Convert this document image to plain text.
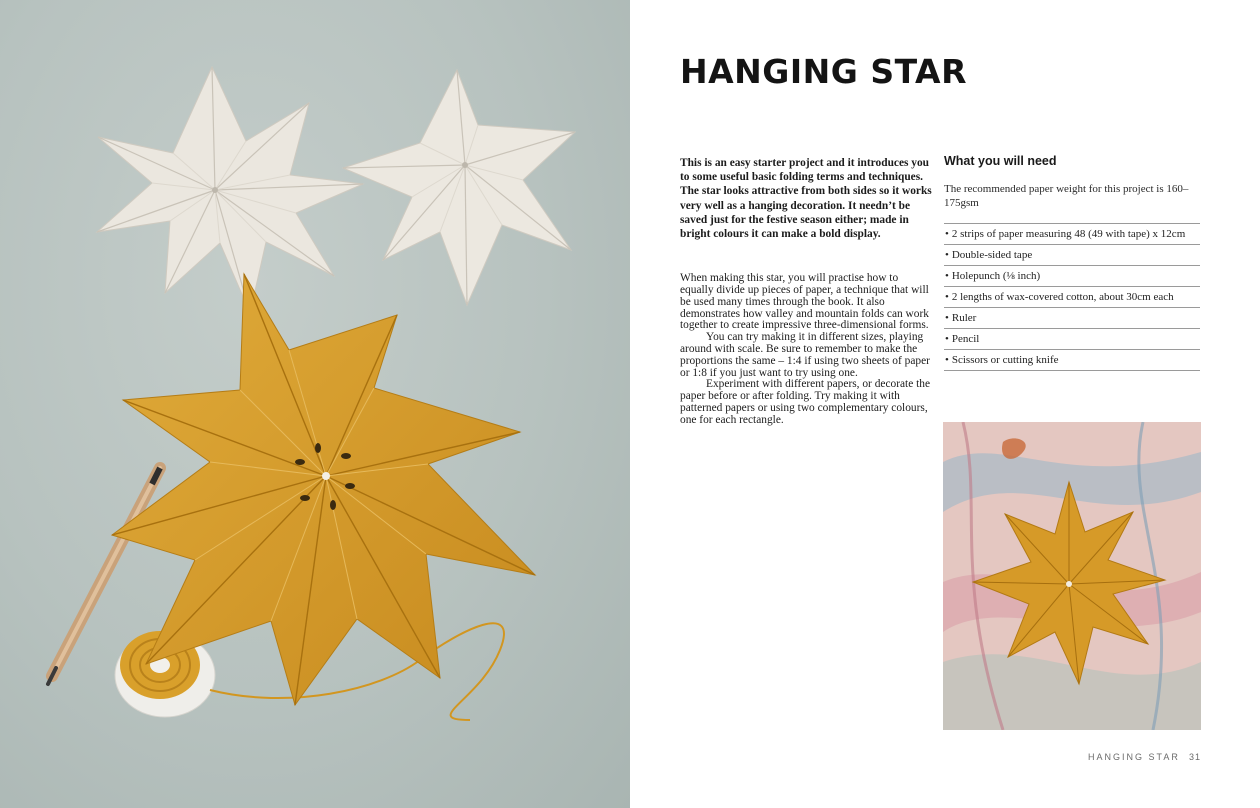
HANGING STAR

This is an easy starter project and it introduces you to some useful basic folding terms and techniques. The star looks attractive from both sides so it works very well as a hanging decoration. It needn’t be saved just for the festive season either; made in bright colours it can make a bold display.

When making this star, you will practise how to equally divide up pieces of paper, a technique that will be used many times through the book. It also demonstrates how valley and mountain folds can work together to create impressive three-dimensional forms.

You can try making it in different sizes, playing around with scale. Be sure to remember to make the proportions the same – 1:4 if using two sheets of paper or 1:8 if you just want to try using one.

Experiment with different papers, or decorate the paper before or after folding. Try making it with patterned papers or using two complementary colours, one for each rectangle.

What you will need

The recommended paper weight for this project is 160–175gsm

• 2 strips of paper measuring 48 (49 with tape) x 12cm
• Double-sided tape
• Holepunch (⅛ inch)
• 2 lengths of wax-covered cotton, about 30cm each
• Ruler
• Pencil
• Scissors or cutting knife
HANGING STAR 31
